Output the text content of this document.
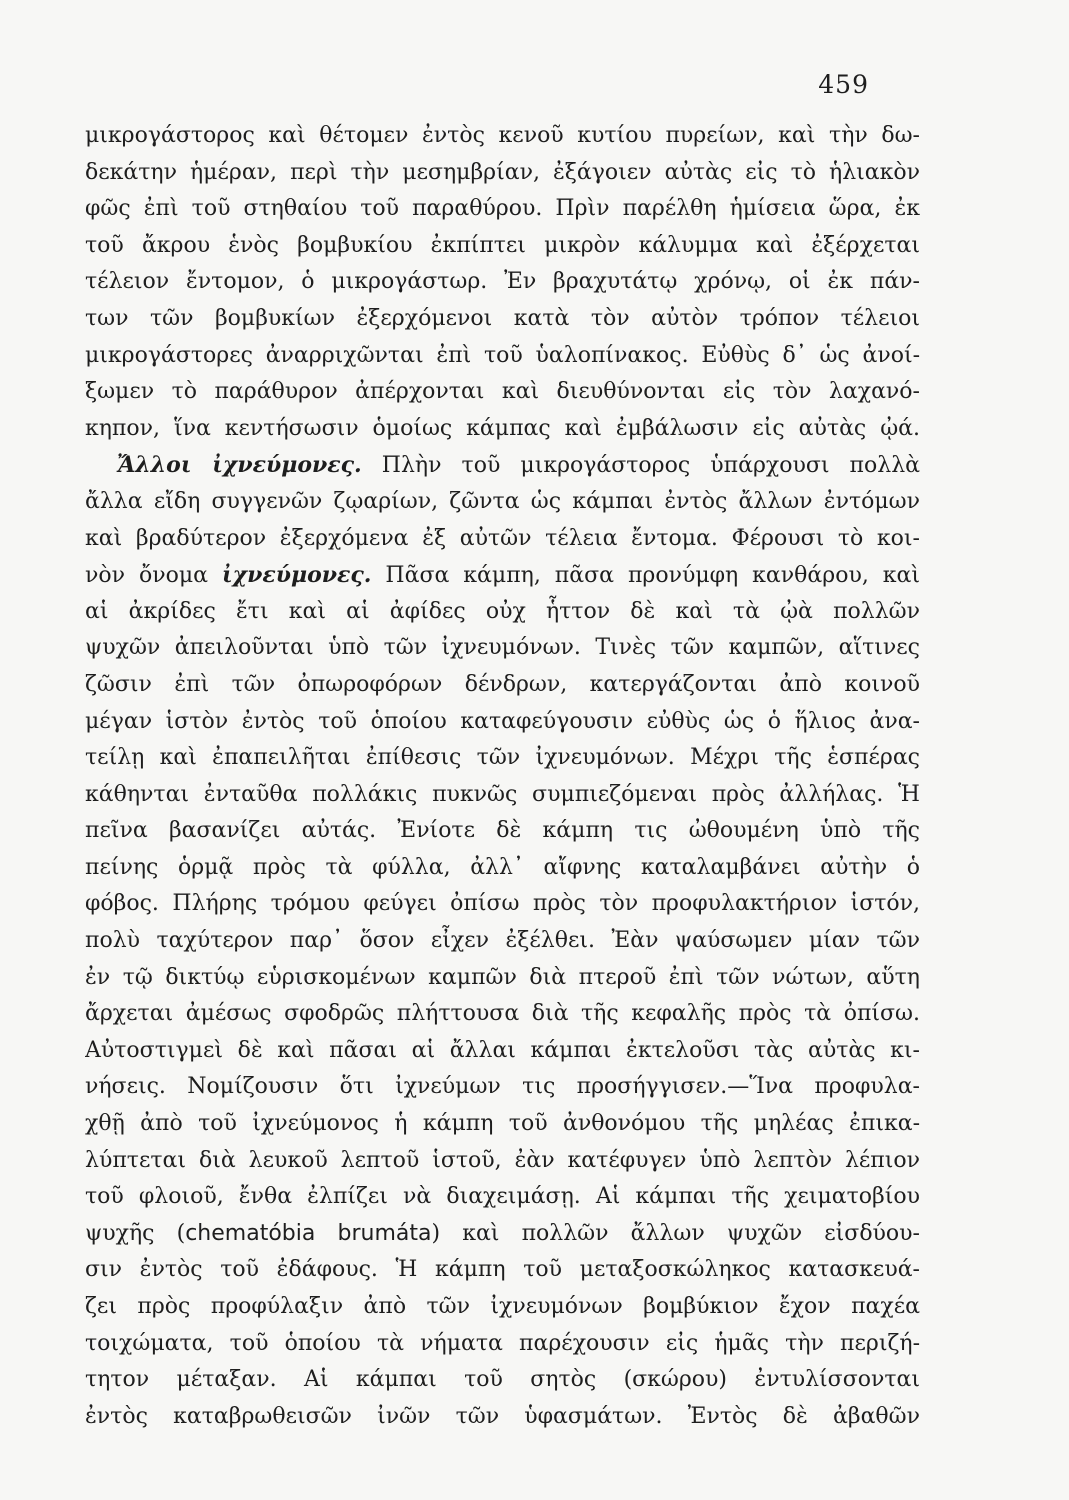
459
μικρογάστορος καὶ θέτομεν ἐντὸς κενοῦ κυτίου πυρείων, καὶ τὴν δω-
δεκάτην ἡμέραν, περὶ τὴν μεσημβρίαν, ἐξάγοιεν αὐτὰς εἰς τὸ ἡλιακὸν
φῶς ἐπὶ τοῦ στηθαίου τοῦ παραθύρου. Πρὶν παρέλθη ἡμίσεια ὥρα, ἐκ
τοῦ ἄκρου ἑνὸς βομβυκίου ἐκπίπτει μικρὸν κάλυμμα καὶ ἐξέρχεται
τέλειον ἔντομον, ὁ μικρογάστωρ. Ἐν βραχυτάτῳ χρόνῳ, οἱ ἐκ πάν-
των τῶν βομβυκίων ἐξερχόμενοι κατὰ τὸν αὐτὸν τρόπον τέλειοι
μικρογάστορες ἀναρριχῶνται ἐπὶ τοῦ ὑαλοπίνακος. Εὐθὺς δ᾽ ὡς ἀνοί-
ξωμεν τὸ παράθυρον ἀπέρχονται καὶ διευθύνονται εἰς τὸν λαχανό-
κηπον, ἵνα κεντήσωσιν ὁμοίως κάμπας καὶ ἐμβάλωσιν εἰς αὐτὰς ᾠά.
Ἄλλοι ἰχνεύμονες. Πλὴν τοῦ μικρογάστορος ὑπάρχουσι πολλὰ
ἄλλα εἴδη συγγενῶν ζῳαρίων, ζῶντα ὡς κάμπαι ἐντὸς ἄλλων ἐντόμων
καὶ βραδύτερον ἐξερχόμενα ἐξ αὐτῶν τέλεια ἔντομα. Φέρουσι τὸ κοι-
νὸν ὄνομα ἰχνεύμονες. Πᾶσα κάμπη, πᾶσα προνύμφη κανθάρου, καὶ
αἱ ἀκρίδες ἔτι καὶ αἱ ἀφίδες οὐχ ἧττον δὲ καὶ τὰ ᾠὰ πολλῶν
ψυχῶν ἀπειλοῦνται ὑπὸ τῶν ἰχνευμόνων. Τινὲς τῶν καμπῶν, αἵτινες
ζῶσιν ἐπὶ τῶν ὀπωροφόρων δένδρων, κατεργάζονται ἀπὸ κοινοῦ
μέγαν ἱστὸν ἐντὸς τοῦ ὁποίου καταφεύγουσιν εὐθὺς ὡς ὁ ἥλιος ἀνα-
τείλῃ καὶ ἐπαπειλῆται ἐπίθεσις τῶν ἰχνευμόνων. Μέχρι τῆς ἑσπέρας
κάθηνται ἐνταῦθα πολλάκις πυκνῶς συμπιεζόμεναι πρὸς ἀλλήλας. Ἡ
πεῖνα βασανίζει αὐτάς. Ἐνίοτε δὲ κάμπη τις ὠθουμένη ὑπὸ τῆς
πείνης ὁρμᾷ πρὸς τὰ φύλλα, ἀλλ᾽ αἴφνης καταλαμβάνει αὐτὴν ὁ
φόβος. Πλήρης τρόμου φεύγει ὀπίσω πρὸς τὸν προφυλακτήριον ἱστόν,
πολὺ ταχύτερον παρ᾽ ὅσον εἶχεν ἐξέλθει. Ἐὰν ψαύσωμεν μίαν τῶν
ἐν τῷ δικτύῳ εὑρισκομένων καμπῶν διὰ πτεροῦ ἐπὶ τῶν νώτων, αὕτη
ἄρχεται ἀμέσως σφοδρῶς πλήττουσα διὰ τῆς κεφαλῆς πρὸς τὰ ὀπίσω.
Αὐτοστιγμεὶ δὲ καὶ πᾶσαι αἱ ἄλλαι κάμπαι ἐκτελοῦσι τὰς αὐτὰς κι-
νήσεις. Νομίζουσιν ὅτι ἰχνεύμων τις προσήγγισεν.—Ἵνα προφυλα-
χθῇ ἀπὸ τοῦ ἰχνεύμονος ἡ κάμπη τοῦ ἀνθονόμου τῆς μηλέας ἐπικα-
λύπτεται διὰ λευκοῦ λεπτοῦ ἱστοῦ, ἐὰν κατέφυγεν ὑπὸ λεπτὸν λέπιον
τοῦ φλοιοῦ, ἔνθα ἐλπίζει νὰ διαχειμάσῃ. Αἱ κάμπαι τῆς χειματοβίου
ψυχῆς (chematóbia brumáta) καὶ πολλῶν ἄλλων ψυχῶν εἰσδύου-
σιν ἐντὸς τοῦ ἐδάφους. Ἡ κάμπη τοῦ μεταξοσκώληκος κατασκευά-
ζει πρὸς προφύλαξιν ἀπὸ τῶν ἰχνευμόνων βομβύκιον ἔχον παχέα
τοιχώματα, τοῦ ὁποίου τὰ νήματα παρέχουσιν εἰς ἡμᾶς τὴν περιζή-
τητον μέταξαν. Αἱ κάμπαι τοῦ σητὸς (σκώρου) ἐντυλίσσονται
ἐντὸς καταβρωθεισῶν ἰνῶν τῶν ὑφασμάτων. Ἐντὸς δὲ ἀβαθῶν
